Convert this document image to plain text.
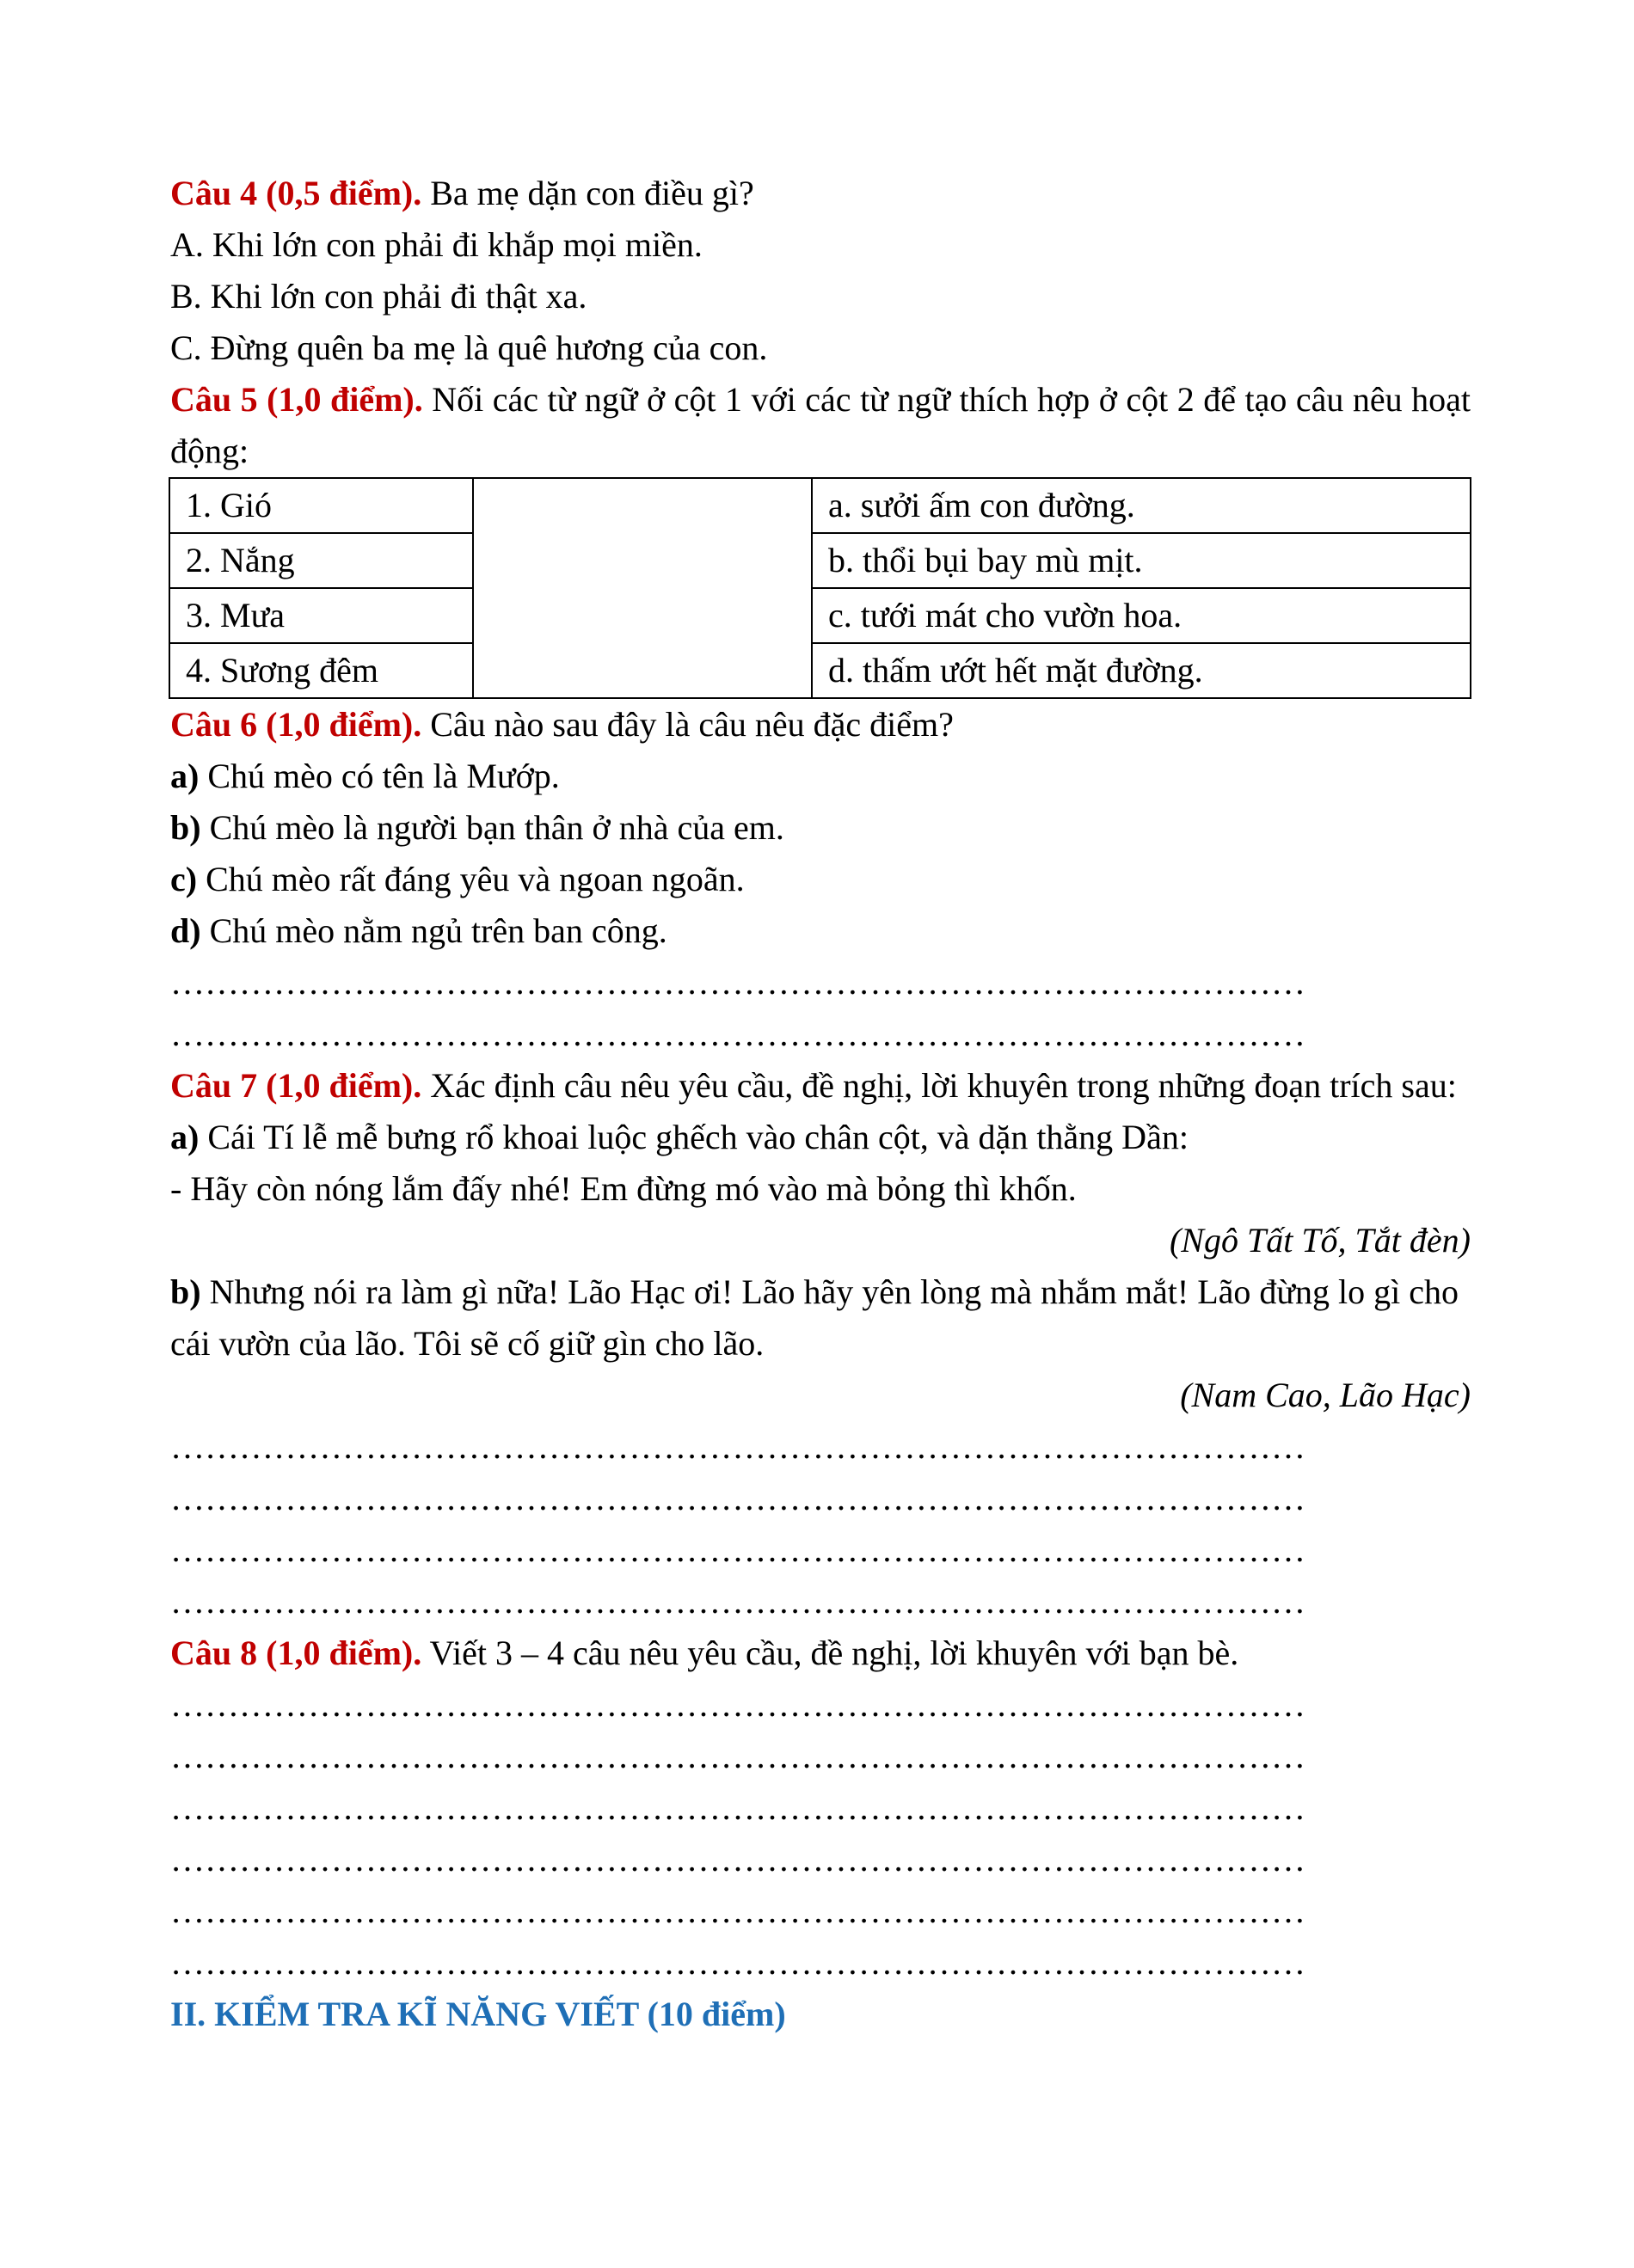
Câu 4 (0,5 điểm). Ba mẹ dặn con điều gì?
A. Khi lớn con phải đi khắp mọi miền.
B. Khi lớn con phải đi thật xa.
C. Đừng quên ba mẹ là quê hương của con.
Câu 5 (1,0 điểm). Nối các từ ngữ ở cột 1 với các từ ngữ thích hợp ở cột 2 để tạo câu nêu hoạt động:
1. Gió		a. sưởi ấm con đường.
2. Nắng		b. thổi bụi bay mù mịt.
3. Mưa		c. tưới mát cho vườn hoa.
4. Sương đêm		d. thấm ướt hết mặt đường.
Câu 6 (1,0 điểm). Câu nào sau đây là câu nêu đặc điểm?
a) Chú mèo có tên là Mướp.
b) Chú mèo là người bạn thân ở nhà của em.
c) Chú mèo rất đáng yêu và ngoan ngoãn.
d) Chú mèo nằm ngủ trên ban công.
………………………………………………………………………………………
………………………………………………………………………………………
Câu 7 (1,0 điểm). Xác định câu nêu yêu cầu, đề nghị, lời khuyên trong những đoạn trích sau:
a) Cái Tí lễ mễ bưng rổ khoai luộc ghếch vào chân cột, và dặn thằng Dần:
- Hãy còn nóng lắm đấy nhé! Em đừng mó vào mà bỏng thì khốn.
(Ngô Tất Tố, Tắt đèn)
b) Nhưng nói ra làm gì nữa! Lão Hạc ơi! Lão hãy yên lòng mà nhắm mắt! Lão đừng lo gì cho cái vườn của lão. Tôi sẽ cố giữ gìn cho lão.
(Nam Cao, Lão Hạc)
………………………………………………………………………………………
………………………………………………………………………………………
………………………………………………………………………………………
………………………………………………………………………………………
Câu 8 (1,0 điểm). Viết 3 – 4 câu nêu yêu cầu, đề nghị, lời khuyên với bạn bè.
………………………………………………………………………………………
………………………………………………………………………………………
………………………………………………………………………………………
………………………………………………………………………………………
………………………………………………………………………………………
………………………………………………………………………………………
II. KIỂM TRA KĨ NĂNG VIẾT (10 điểm)
